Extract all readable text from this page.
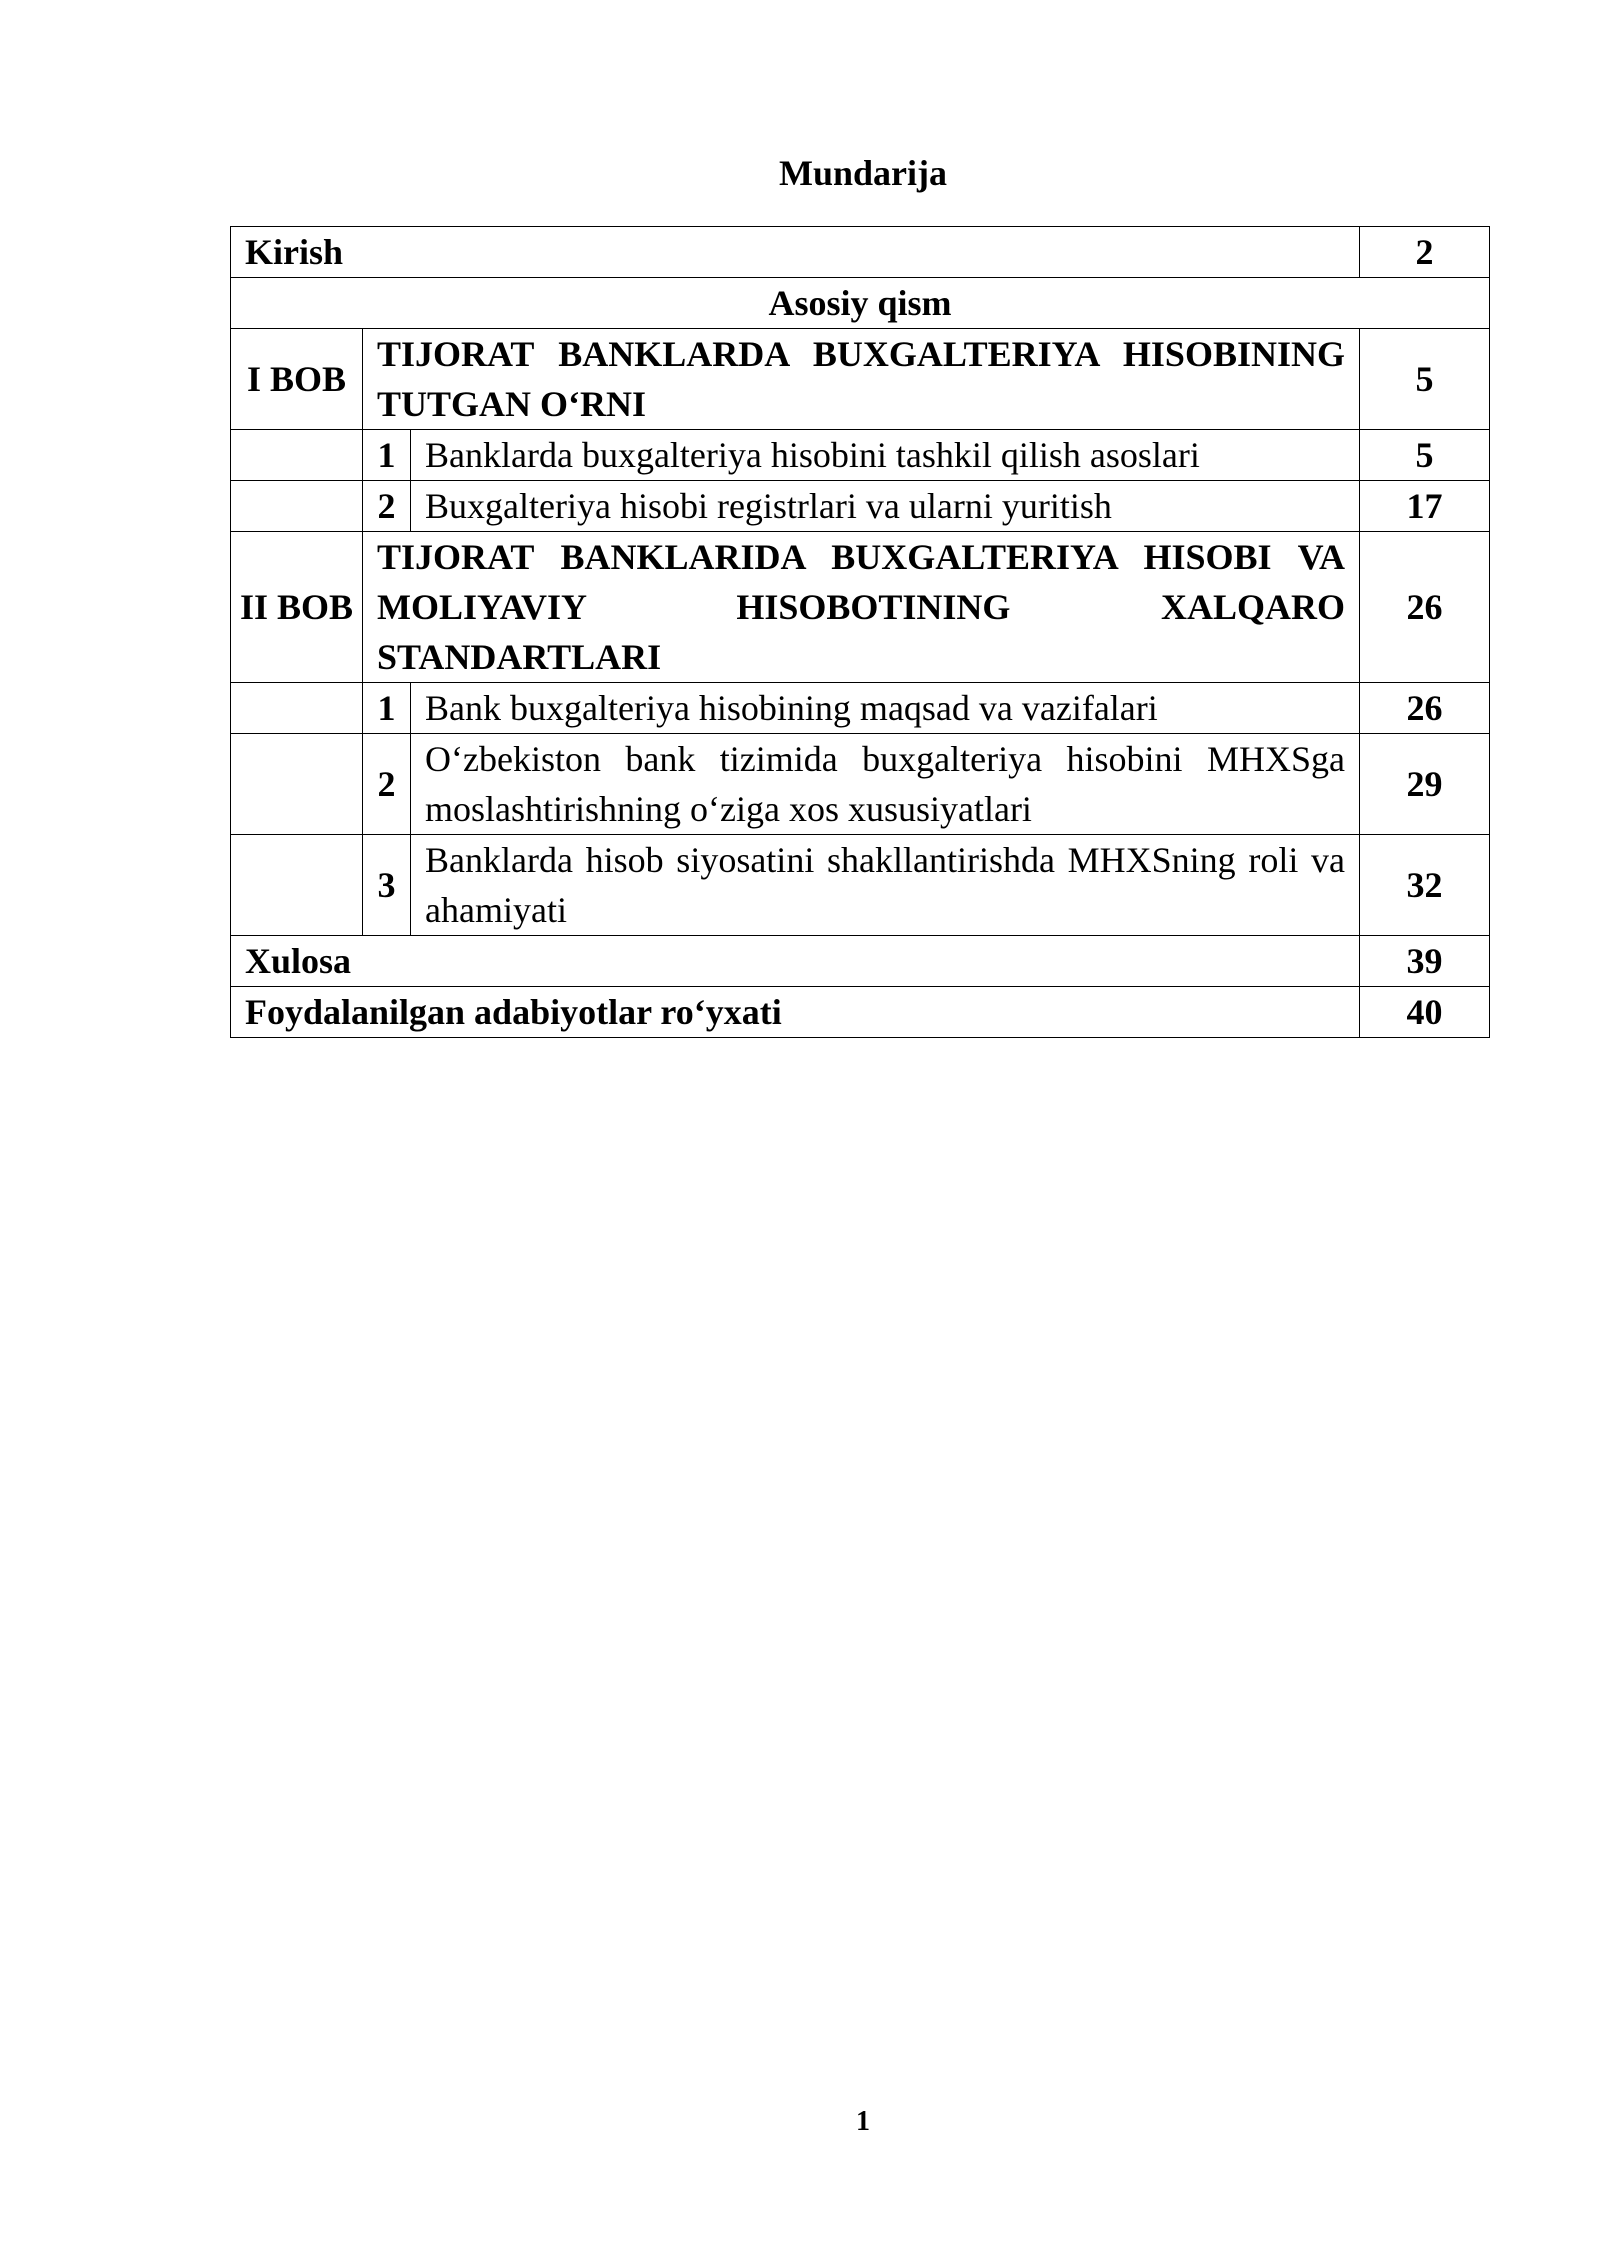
Mundarija
Kirish			2
Asosiy qism			
I BOB	TIJORAT BANKLARDA BUXGALTERIYA HISOBINING TUTGAN O‘RNI		5
	1	Banklarda buxgalteriya hisobini tashkil qilish asoslari	5
	2	Buxgalteriya hisobi registrlari va ularni yuritish	17
II BOB	TIJORAT BANKLARIDA BUXGALTERIYA HISOBI VA MOLIYAVIY HISOBOTINING XALQARO STANDARTLARI		26
	1	Bank buxgalteriya hisobining maqsad va vazifalari	26
	2	O‘zbekiston bank tizimida buxgalteriya hisobini MHXSga moslashtirishning o‘ziga xos xususiyatlari	29
	3	Banklarda hisob siyosatini shakllantirishda MHXSning roli va ahamiyati	32
Xulosa			39
Foydalanilgan adabiyotlar ro‘yxati			40
1
